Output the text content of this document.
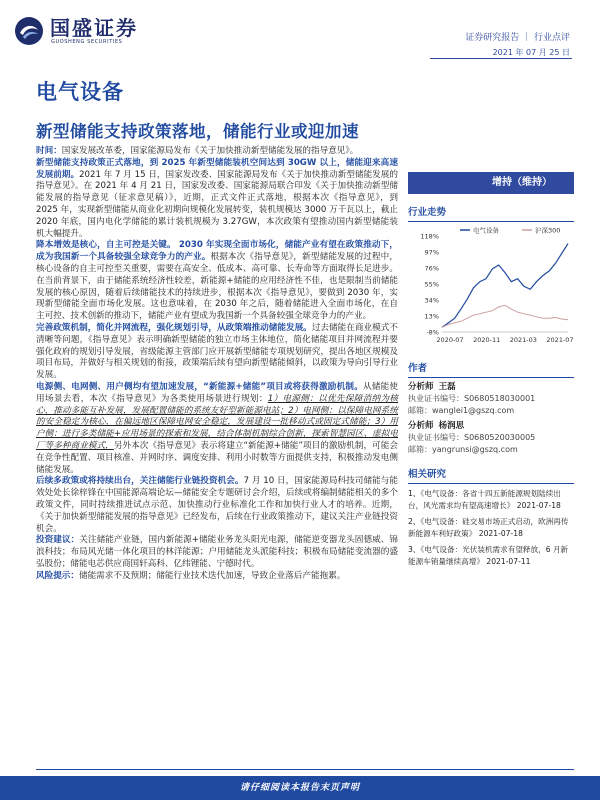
国盛证券
GUOSHENG SECURITIES	证券研究报告 ｜ 行业点评
2021 年 07 月 25 日
电气设备
新型储能支持政策落地，储能行业或迎加速

时间：国家发展改革委，国家能源局发布《关于加快推动新型储能发展的指导意见》。

新型储能支持政策正式落地，到 2025 年新型储能装机空间达到 30GW 以上，储能迎来高速发展前期。2021 年 7 月 15 日，国家发改委、国家能源局发布《关于加快推动新型储能发展的指导意见》。在 2021 年 4 月 21 日，国家发改委、国家能源局联合印发《关于加快推动新型储能发展的指导意见（征求意见稿）》，近期，正式文件正式落地，根据本次《指导意见》，到 2025 年，实现新型储能从商业化初期向规模化发展转变，装机规模达 3000 万千瓦以上，截止 2020 年底，国内电化学储能的累计装机规模为 3.27GW，本次政策有望推动国内新型储能装机大幅提升。

降本增效是核心，自主可控是关键。 2030 年实现全面市场化，储能产业有望在政策推动下，成为我国新一个具备较强全球竞争力的产业。根据本次《指导意见》，新型储能发展的过程中，核心设备的自主可控至关重要，需要在高安全、低成本、高可靠、长寿命等方面取得长足进步。在当前背景下，由于储能系统经济性较差，新能源+储能的应用经济性不佳，也是限制当前储能发展的核心原因，随着后续储能技术的持续进步，根据本次《指导意见》，要做到 2030 年，实现新型储能全面市场化发展。这也意味着，在 2030 年之后，随着储能进入全面市场化，在自主可控、技术创新的推动下，储能产业有望成为我国新一个具备较强全球竞争力的产业。

完善政策机制，简化并网流程，强化规划引导，从政策端推动储能发展。过去储能在商业模式不清晰等问题，《指导意见》表示明确新型储能的独立市场主体地位，简化储能项目并网流程并要强化政府的规划引导发展，省级能源主管部门应开展新型储能专项规划研究，提出各地区规模及项目布局，并做好与相关规划的衔接，政策端后续有望向新型储能倾斜，以政策为导向引导行业发展。

电源侧、电网侧、用户侧均有望加速发展，“新能源+储能”项目或将获得激励机制。从储能使用场景去看，本次《指导意见》为各类使用场景进行规划：1）电源侧：以优先保障消纳为核心，推动多能互补发展，发展配置储能的系统友好型新能源电站；2）电网侧：以保障电网系统的安全稳定为核心，在偏远地区保障电网安全稳定，发展建设一批移动式或固定式储能；3）用户侧：进行多类储能+应用场景的探索和发展，结合体制机制综合创新，探索智慧园区、虚拟电厂等多种商业模式，另外本次《指导意见》表示将建立“新能源+储能”项目的激励机制，可能会在竞争性配置、项目核准、并网时序、调度安排、利用小时数等方面提供支持，积极推动发电侧储能发展。

后续多政策或将持续出台，关注储能行业链投资机会。7 月 10 日，国家能源局科技司储能与能效处处长徐梓锋在中国能源高端论坛—储能安全专题研讨会介绍，后续或将编制储能相关的多个政策文件，同时持续推进试点示范、加快推动行业标准化工作和加快行业人才的培养。近期，《关于加快新型储能发展的指导意见》已经发布，后续在行业政策推动下，建议关注产业链投资机会。

投资建议：关注储能产业链，国内新能源+储能业务龙头阳光电源，储能逆变器龙头固德威、锦浪科技；布局风光储一体化项目的林洋能源；户用储能龙头派能科技；积极布局储能变流器的盛弘股份；储能电芯供应商国轩高科、亿纬锂能、宁德时代。

风险提示：储能需求不及预期；储能行业技术迭代加速，导致企业落后产能拖累。

增持（维持）
行业走势
-8%
13%
34%
55%
76%
97%
118%
2020-07 2020-11 2021-03 2021-07
电气设备	沪深300
作者
分析师 王磊
执业证书编号：S0680518030001
邮箱：wanglei1@gszq.com
分析师 杨润思
执业证书编号：S0680520030005
邮箱：yangrunsi@gszq.com
相关研究
1、《电气设备：各省十四五新能源规划陆续出台，风光需求均有望高速增长》 2021-07-18
2、《电气设备：硅交易市场正式启动，欧洲再传新能源车利好政策》 2021-07-18
3、《电气设备：光伏装机需求有望释放，6 月新能源车销量继续高增》 2021-07-11
请仔细阅读本报告末页声明
